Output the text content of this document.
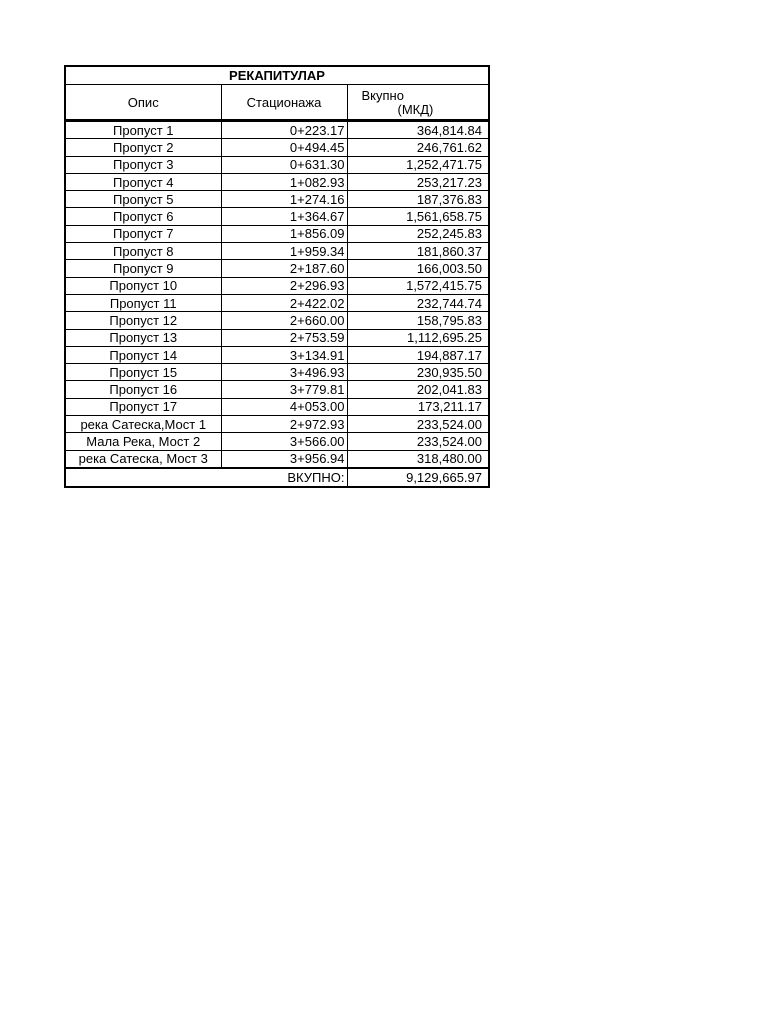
РЕКАПИТУЛАР		
Опис	Стационажа	Вкупно
(МКД)

Пропуст 1	0+223.17	364,814.84
Пропуст 2	0+494.45	246,761.62
Пропуст 3	0+631.30	1,252,471.75
Пропуст 4	1+082.93	253,217.23
Пропуст 5	1+274.16	187,376.83
Пропуст 6	1+364.67	1,561,658.75
Пропуст 7	1+856.09	252,245.83
Пропуст 8	1+959.34	181,860.37
Пропуст 9	2+187.60	166,003.50
Пропуст 10	2+296.93	1,572,415.75
Пропуст 11	2+422.02	232,744.74
Пропуст 12	2+660.00	158,795.83
Пропуст 13	2+753.59	1,112,695.25
Пропуст 14	3+134.91	194,887.17
Пропуст 15	3+496.93	230,935.50
Пропуст 16	3+779.81	202,041.83
Пропуст 17	4+053.00	173,211.17
река Сатеска,Мост 1	2+972.93	233,524.00
Мала Река, Мост 2	3+566.00	233,524.00
река Сатеска, Мост 3	3+956.94	318,480.00
ВКУПНО:		9,129,665.97
